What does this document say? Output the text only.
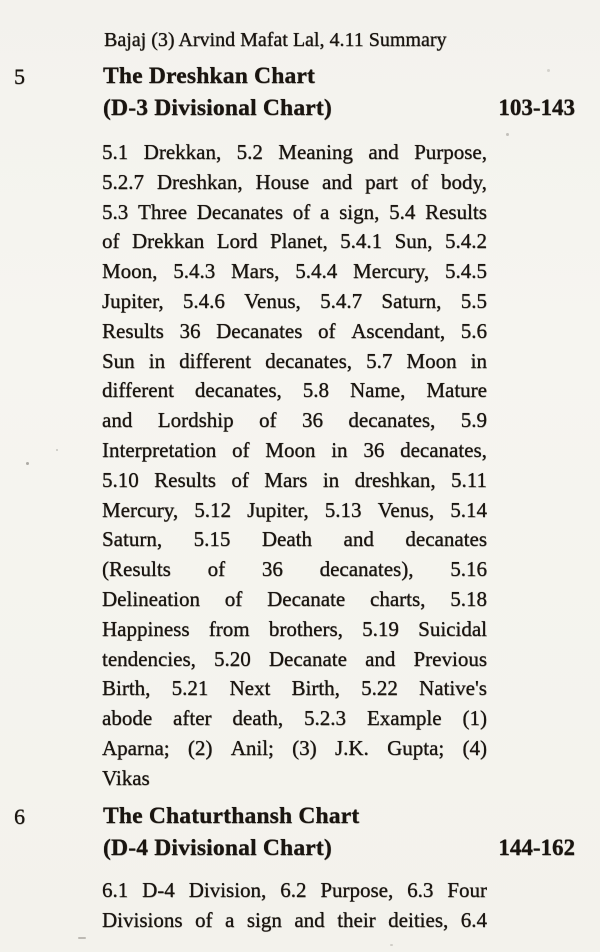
Bajaj (3) Arvind Mafat Lal, 4.11 Summary
5	The Dreshkan Chart
(D-3 Divisional Chart)	103-143
5.1 Drekkan, 5.2 Meaning and Purpose,
5.2.7 Dreshkan, House and part of body,
5.3 Three Decanates of a sign, 5.4 Results
of Drekkan Lord Planet, 5.4.1 Sun, 5.4.2
Moon, 5.4.3 Mars, 5.4.4 Mercury, 5.4.5
Jupiter, 5.4.6 Venus, 5.4.7 Saturn, 5.5
Results 36 Decanates of Ascendant, 5.6
Sun in different decanates, 5.7 Moon in
different decanates, 5.8 Name, Mature
and Lordship of 36 decanates, 5.9
Interpretation of Moon in 36 decanates,
5.10 Results of Mars in dreshkan, 5.11
Mercury, 5.12 Jupiter, 5.13 Venus, 5.14
Saturn, 5.15 Death and decanates
(Results of 36 decanates), 5.16
Delineation of Decanate charts, 5.18
Happiness from brothers, 5.19 Suicidal
tendencies, 5.20 Decanate and Previous
Birth, 5.21 Next Birth, 5.22 Native's
abode after death, 5.2.3 Example (1)
Aparna; (2) Anil; (3) J.K. Gupta; (4)
Vikas
6	The Chaturthansh Chart
(D-4 Divisional Chart)	144-162
6.1 D-4 Division, 6.2 Purpose, 6.3 Four
Divisions of a sign and their deities, 6.4
